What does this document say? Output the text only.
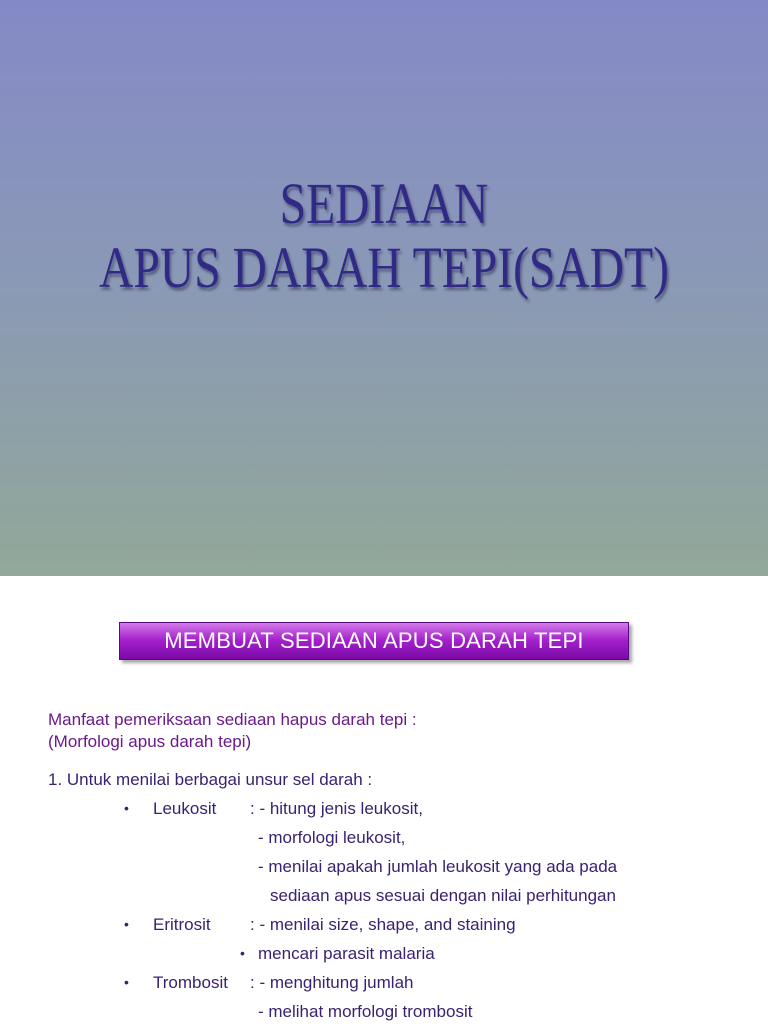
SEDIAAN
APUS DARAH TEPI(SADT)
MEMBUAT SEDIAAN APUS DARAH TEPI
Manfaat pemeriksaan sediaan hapus darah tepi :
(Morfologi apus darah tepi)
1. Untuk menilai berbagai unsur sel darah :
• Leukosit : - hitung jenis leukosit,
- morfologi leukosit,
- menilai apakah jumlah leukosit yang ada pada
sediaan apus sesuai dengan nilai perhitungan
• Eritrosit : - menilai size, shape, and staining
• mencari parasit malaria
• Trombosit : - menghitung jumlah
- melihat morfologi trombosit
